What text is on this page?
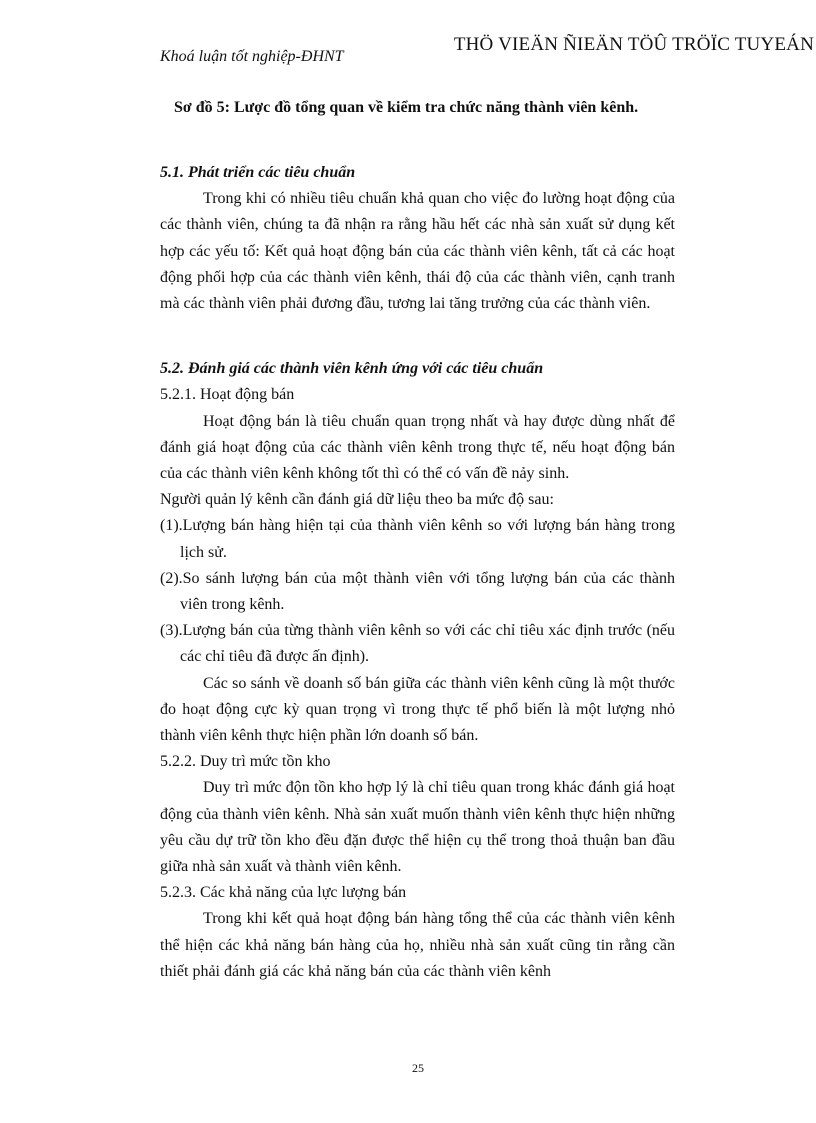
THÖ VIEÄN ÑIEÄN TÖÛ TRÖÏC TUYEÁN
Khoá luận tốt nghiệp-ĐHNT

Sơ đồ 5: Lược đồ tổng quan về kiểm tra chức năng thành viên kênh.

5.1. Phát triển các tiêu chuẩn

Trong khi có nhiều tiêu chuẩn khả quan cho việc đo lường hoạt động của các thành viên, chúng ta đã nhận ra rằng hầu hết các nhà sản xuất sử dụng kết hợp các yếu tố: Kết quả hoạt động bán của các thành viên kênh, tất cả các hoạt động phối hợp của các thành viên kênh, thái độ của các thành viên, cạnh tranh mà các thành viên phải đương đầu, tương lai tăng trưởng của các thành viên.

5.2. Đánh giá các thành viên kênh ứng với các tiêu chuẩn

5.2.1. Hoạt động bán

Hoạt động bán là tiêu chuẩn quan trọng nhất và hay được dùng nhất để đánh giá hoạt động của các thành viên kênh trong thực tế, nếu hoạt động bán của các thành viên kênh không tốt thì có thể có vấn đề nảy sinh.

Người quản lý kênh cần đánh giá dữ liệu theo ba mức độ sau:

(1).Lượng bán hàng hiện tại của thành viên kênh so với lượng bán hàng trong lịch sử.

(2).So sánh lượng bán của một thành viên với tổng lượng bán của các thành viên trong kênh.

(3).Lượng bán của từng thành viên kênh so với các chỉ tiêu xác định trước (nếu các chỉ tiêu đã được ấn định).

Các so sánh về doanh số bán giữa các thành viên kênh cũng là một thước đo hoạt động cực kỳ quan trọng vì trong thực tế phổ biến là một lượng nhỏ thành viên kênh thực hiện phần lớn doanh số bán.

5.2.2. Duy trì mức tồn kho

Duy trì mức độn tồn kho hợp lý là chỉ tiêu quan trong khác đánh giá hoạt động của thành viên kênh. Nhà sản xuất muốn thành viên kênh thực hiện những yêu cầu dự trữ tồn kho đều đặn được thể hiện cụ thể trong thoả thuận ban đầu giữa nhà sản xuất và thành viên kênh.

5.2.3. Các khả năng của lực lượng bán

Trong khi kết quả hoạt động bán hàng tổng thể của các thành viên kênh thể hiện các khả năng bán hàng của họ, nhiều nhà sản xuất cũng tin rằng cần thiết phải đánh giá các khả năng bán của các thành viên kênh

25
